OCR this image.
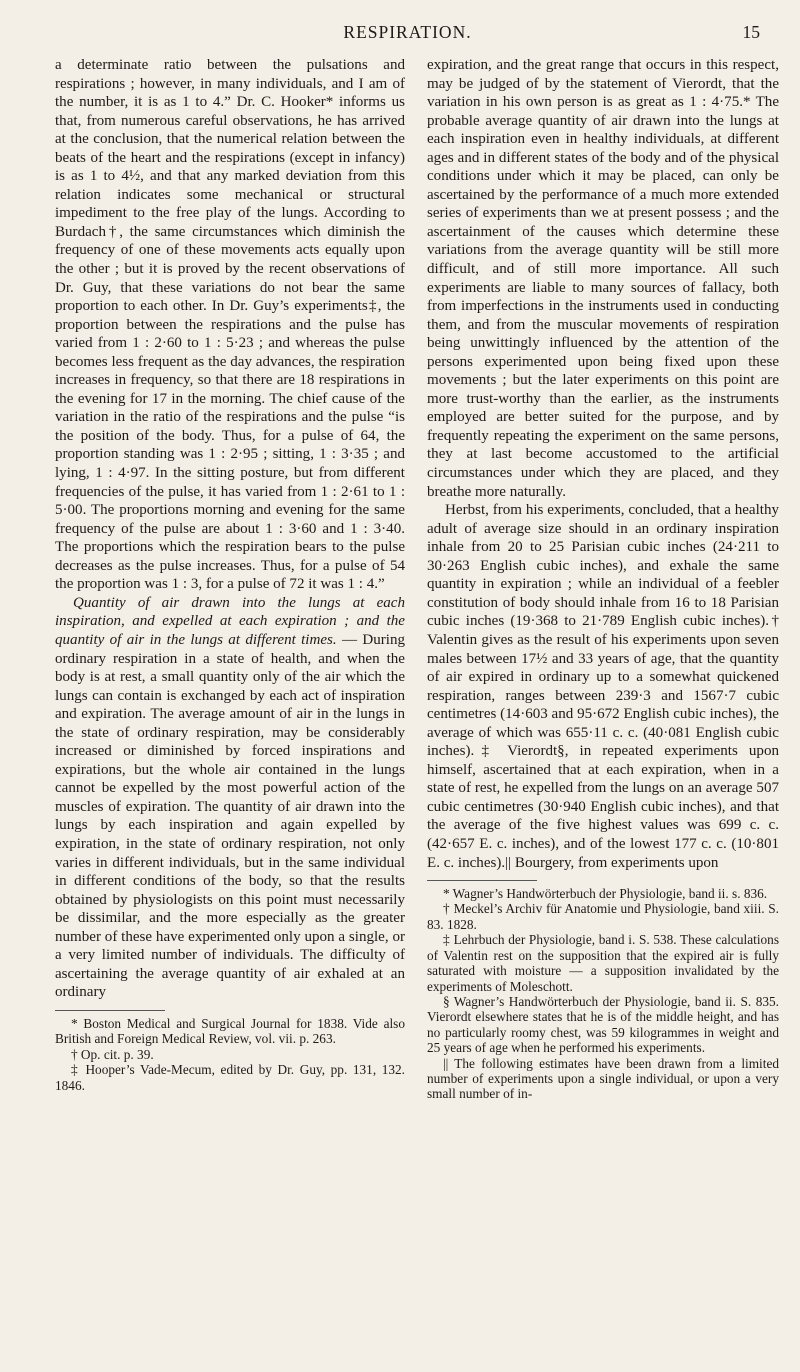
RESPIRATION.	15

a determinate ratio between the pulsations and respirations ; however, in many individuals, and I am of the number, it is as 1 to 4.” Dr. C. Hooker* informs us that, from numerous careful observations, he has arrived at the conclusion, that the numerical relation between the beats of the heart and the respirations (except in infancy) is as 1 to 4½, and that any marked deviation from this relation indicates some mechanical or structural impediment to the free play of the lungs. According to Burdach†, the same circumstances which diminish the frequency of one of these movements acts equally upon the other ; but it is proved by the recent observations of Dr. Guy, that these variations do not bear the same proportion to each other. In Dr. Guy’s experiments‡, the proportion between the respirations and the pulse has varied from 1 : 2·60 to 1 : 5·23 ; and whereas the pulse becomes less frequent as the day advances, the respiration increases in frequency, so that there are 18 respirations in the evening for 17 in the morning. The chief cause of the variation in the ratio of the respirations and the pulse “is the position of the body. Thus, for a pulse of 64, the proportion standing was 1 : 2·95 ; sitting, 1 : 3·35 ; and lying, 1 : 4·97. In the sitting posture, but from different frequencies of the pulse, it has varied from 1 : 2·61 to 1 : 5·00. The proportions morning and evening for the same frequency of the pulse are about 1 : 3·60 and 1 : 3·40. The proportions which the respiration bears to the pulse decreases as the pulse increases. Thus, for a pulse of 54 the proportion was 1 : 3, for a pulse of 72 it was 1 : 4.”

Quantity of air drawn into the lungs at each inspiration, and expelled at each expiration ; and the quantity of air in the lungs at different times. — During ordinary respiration in a state of health, and when the body is at rest, a small quantity only of the air which the lungs can contain is exchanged by each act of inspiration and expiration. The average amount of air in the lungs in the state of ordinary respiration, may be considerably increased or diminished by forced inspirations and expirations, but the whole air contained in the lungs cannot be expelled by the most powerful action of the muscles of expiration. The quantity of air drawn into the lungs by each inspiration and again expelled by expiration, in the state of ordinary respiration, not only varies in different individuals, but in the same individual in different conditions of the body, so that the results obtained by physiologists on this point must necessarily be dissimilar, and the more especially as the greater number of these have experimented only upon a single, or a very limited number of individuals. The difficulty of ascertaining the average quantity of air exhaled at an ordinary

* Boston Medical and Surgical Journal for 1838. Vide also British and Foreign Medical Review, vol. vii. p. 263.

† Op. cit. p. 39.

‡ Hooper’s Vade-Mecum, edited by Dr. Guy, pp. 131, 132. 1846.

expiration, and the great range that occurs in this respect, may be judged of by the statement of Vierordt, that the variation in his own person is as great as 1 : 4·75.* The probable average quantity of air drawn into the lungs at each inspiration even in healthy individuals, at different ages and in different states of the body and of the physical conditions under which it may be placed, can only be ascertained by the performance of a much more extended series of experiments than we at present possess ; and the ascertainment of the causes which determine these variations from the average quantity will be still more difficult, and of still more importance. All such experiments are liable to many sources of fallacy, both from imperfections in the instruments used in conducting them, and from the muscular movements of respiration being unwittingly influenced by the attention of the persons experimented upon being fixed upon these movements ; but the later experiments on this point are more trust-worthy than the earlier, as the instruments employed are better suited for the purpose, and by frequently repeating the experiment on the same persons, they at last become accustomed to the artificial circumstances under which they are placed, and they breathe more naturally.

Herbst, from his experiments, concluded, that a healthy adult of average size should in an ordinary inspiration inhale from 20 to 25 Parisian cubic inches (24·211 to 30·263 English cubic inches), and exhale the same quantity in expiration ; while an individual of a feebler constitution of body should inhale from 16 to 18 Parisian cubic inches (19·368 to 21·789 English cubic inches).† Valentin gives as the result of his experiments upon seven males between 17½ and 33 years of age, that the quantity of air expired in ordinary up to a somewhat quickened respiration, ranges between 239·3 and 1567·7 cubic centimetres (14·603 and 95·672 English cubic inches), the average of which was 655·11 c. c. (40·081 English cubic inches).‡ Vierordt§, in repeated experiments upon himself, ascertained that at each expiration, when in a state of rest, he expelled from the lungs on an average 507 cubic centimetres (30·940 English cubic inches), and that the average of the five highest values was 699 c. c. (42·657 E. c. inches), and of the lowest 177 c. c. (10·801 E. c. inches).|| Bourgery, from experiments upon

* Wagner’s Handwörterbuch der Physiologie, band ii. s. 836.

† Meckel’s Archiv für Anatomie und Physiologie, band xiii. S. 83. 1828.

‡ Lehrbuch der Physiologie, band i. S. 538. These calculations of Valentin rest on the supposition that the expired air is fully saturated with moisture — a supposition invalidated by the experiments of Moleschott.

§ Wagner’s Handwörterbuch der Physiologie, band ii. S. 835. Vierordt elsewhere states that he is of the middle height, and has no particularly roomy chest, was 59 kilogrammes in weight and 25 years of age when he performed his experiments.

|| The following estimates have been drawn from a limited number of experiments upon a single individual, or upon a very small number of in-
